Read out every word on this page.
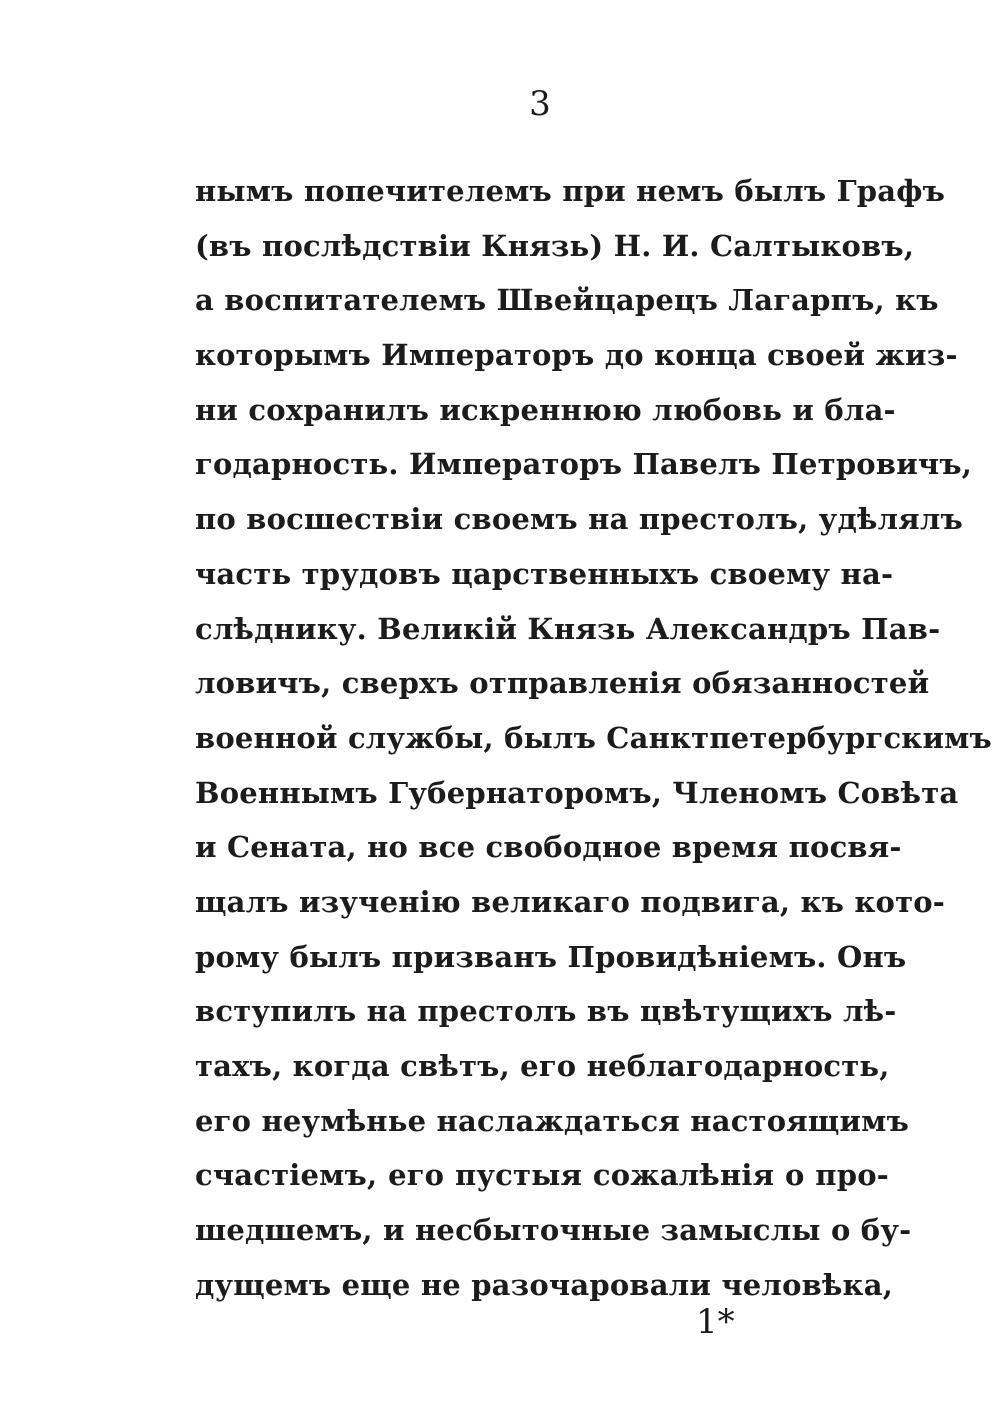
3
нымъ попечителемъ при немъ былъ Графъ
(въ послѣдствіи Князь) Н. И. Салтыковъ,
а воспитателемъ Швейцарецъ Лагарпъ, къ
которымъ Императоръ до конца своей жиз-
ни сохранилъ искреннюю любовь и бла-
годарность. Императоръ Павелъ Петровичъ,
по восшествіи своемъ на престолъ, удѣлялъ
часть трудовъ царственныхъ своему на-
слѣднику. Великій Князь Александръ Пав-
ловичъ, сверхъ отправленія обязанностей
военной службы, былъ Санктпетербургскимъ
Военнымъ Губернаторомъ, Членомъ Совѣта
и Сената, но все свободное время посвя-
щалъ изученію великаго подвига, къ кото-
рому былъ призванъ Провидѣніемъ. Онъ
вступилъ на престолъ въ цвѣтущихъ лѣ-
тахъ, когда свѣтъ, его неблагодарность,
его неумѣнье наслаждаться настоящимъ
счастіемъ, его пустыя сожалѣнія о про-
шедшемъ, и несбыточные замыслы о бу-
дущемъ еще не разочаровали человѣка,
1*
